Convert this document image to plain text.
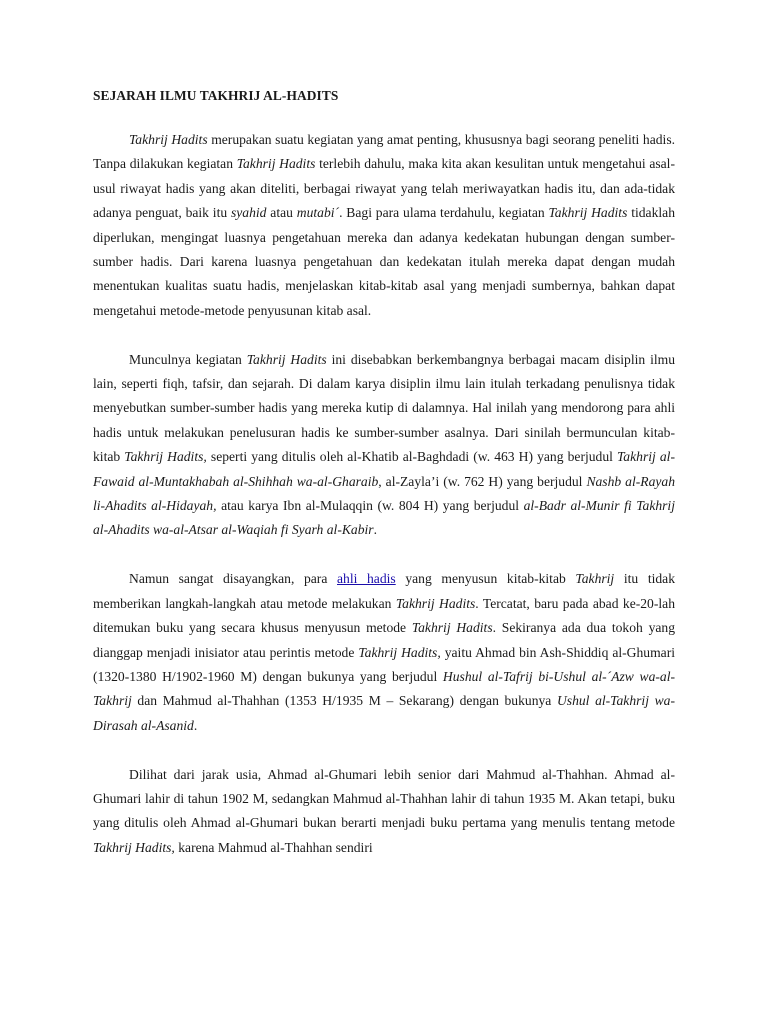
SEJARAH ILMU TAKHRIJ AL-HADITS

Takhrij Hadits merupakan suatu kegiatan yang amat penting, khususnya bagi seorang peneliti hadis. Tanpa dilakukan kegiatan Takhrij Hadits terlebih dahulu, maka kita akan kesulitan untuk mengetahui asal-usul riwayat hadis yang akan diteliti, berbagai riwayat yang telah meriwayatkan hadis itu, dan ada-tidak adanya penguat, baik itu syahid atau mutabi´. Bagi para ulama terdahulu, kegiatan Takhrij Hadits tidaklah diperlukan, mengingat luasnya pengetahuan mereka dan adanya kedekatan hubungan dengan sumber-sumber hadis. Dari karena luasnya pengetahuan dan kedekatan itulah mereka dapat dengan mudah menentukan kualitas suatu hadis, menjelaskan kitab-kitab asal yang menjadi sumbernya, bahkan dapat mengetahui metode-metode penyusunan kitab asal.

Munculnya kegiatan Takhrij Hadits ini disebabkan berkembangnya berbagai macam disiplin ilmu lain, seperti fiqh, tafsir, dan sejarah. Di dalam karya disiplin ilmu lain itulah terkadang penulisnya tidak menyebutkan sumber-sumber hadis yang mereka kutip di dalamnya. Hal inilah yang mendorong para ahli hadis untuk melakukan penelusuran hadis ke sumber-sumber asalnya. Dari sinilah bermunculan kitab-kitab Takhrij Hadits, seperti yang ditulis oleh al-Khatib al-Baghdadi (w. 463 H) yang berjudul Takhrij al-Fawaid al-Muntakhabah al-Shihhah wa-al-Gharaib, al-Zayla’i (w. 762 H) yang berjudul Nashb al-Rayah li-Ahadits al-Hidayah, atau karya Ibn al-Mulaqqin (w. 804 H) yang berjudul al-Badr al-Munir fi Takhrij al-Ahadits wa-al-Atsar al-Waqiah fi Syarh al-Kabir.

Namun sangat disayangkan, para ahli hadis yang menyusun kitab-kitab Takhrij itu tidak memberikan langkah-langkah atau metode melakukan Takhrij Hadits. Tercatat, baru pada abad ke-20-lah ditemukan buku yang secara khusus menyusun metode Takhrij Hadits. Sekiranya ada dua tokoh yang dianggap menjadi inisiator atau perintis metode Takhrij Hadits, yaitu Ahmad bin Ash-Shiddiq al-Ghumari (1320-1380 H/1902-1960 M) dengan bukunya yang berjudul Hushul al-Tafrij bi-Ushul al-´Azw wa-al-Takhrij dan Mahmud al-Thahhan (1353 H/1935 M – Sekarang) dengan bukunya Ushul al-Takhrij wa-Dirasah al-Asanid.

Dilihat dari jarak usia, Ahmad al-Ghumari lebih senior dari Mahmud al-Thahhan. Ahmad al-Ghumari lahir di tahun 1902 M, sedangkan Mahmud al-Thahhan lahir di tahun 1935 M. Akan tetapi, buku yang ditulis oleh Ahmad al-Ghumari bukan berarti menjadi buku pertama yang menulis tentang metode Takhrij Hadits, karena Mahmud al-Thahhan sendiri
